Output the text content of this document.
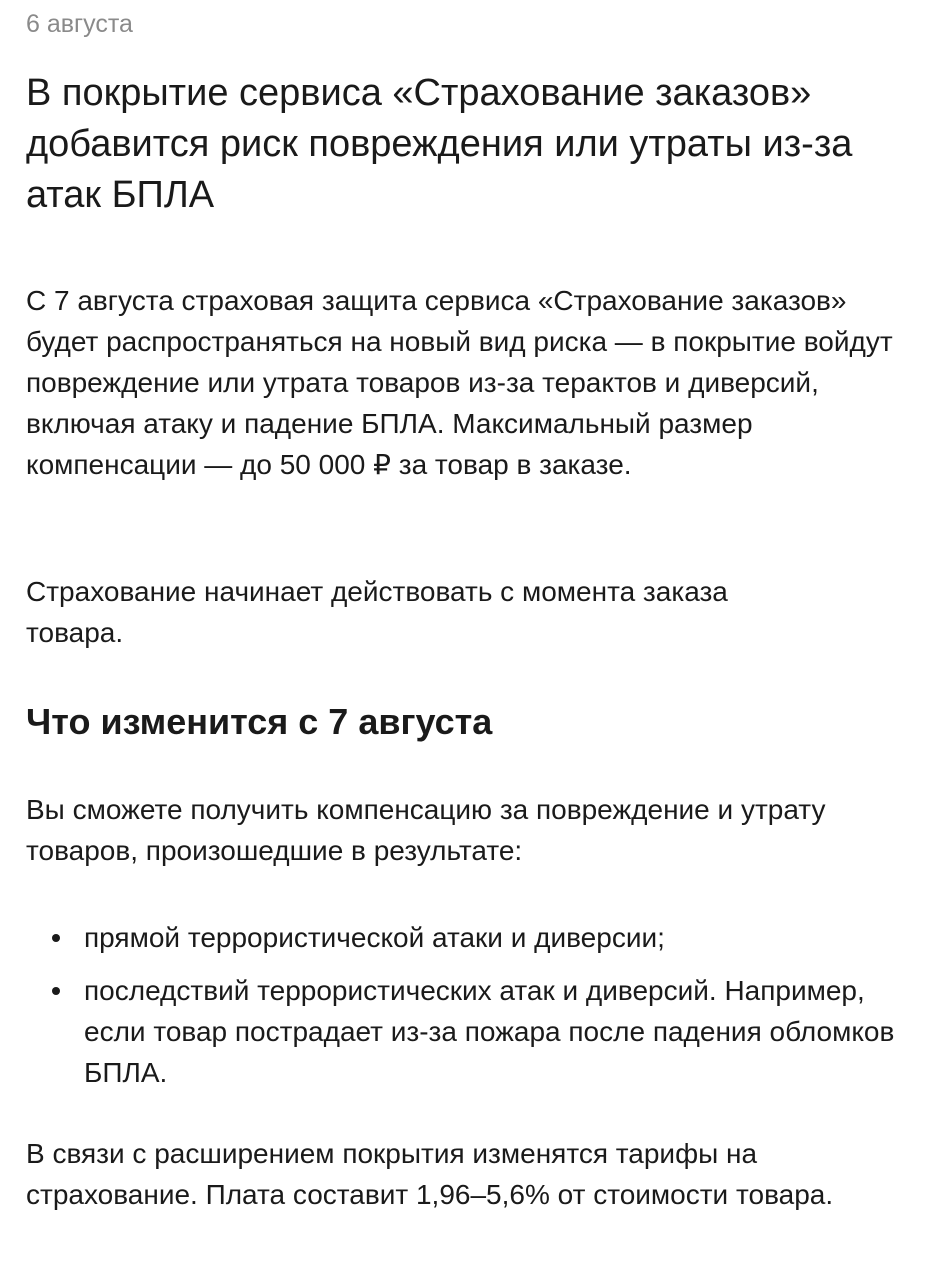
6 августа
В покрытие сервиса «Страхование заказов» добавится риск повреждения или утраты из-за атак БПЛА

С 7 августа страховая защита сервиса «Страхование заказов» будет распространяться на новый вид риска — в покрытие войдут повреждение или утрата товаров из-за терактов и диверсий, включая атаку и падение БПЛА. Максимальный размер компенсации — до 50 000 ₽ за товар в заказе.

Страхование начинает действовать с момента заказа товара.

Что изменится с 7 августа

Вы сможете получить компенсацию за повреждение и утрату товаров, произошедшие в результате:

прямой террористической атаки и диверсии;
последствий террористических атак и диверсий. Например, если товар пострадает из-за пожара после падения обломков БПЛА.

В связи с расширением покрытия изменятся тарифы на страхование. Плата составит 1,96–5,6% от стоимости товара.
